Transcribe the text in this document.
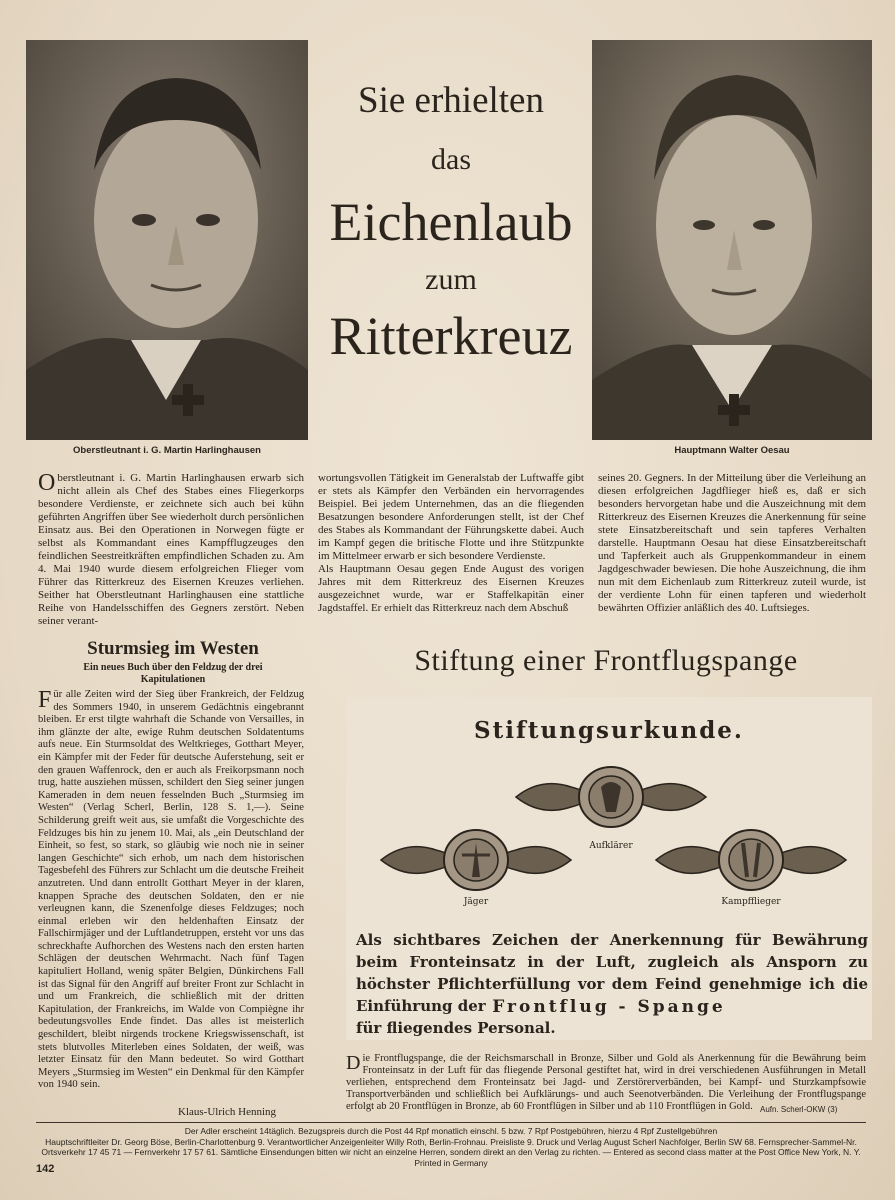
Oberstleutnant i. G. Martin Harlinghausen	Hauptmann Walter Oesau
Sie erhielten
das
Eichenlaub
zum
Ritterkreuz

Oberstleutnant i. G. Martin Harlinghausen erwarb sich nicht allein als Chef des Stabes eines Fliegerkorps besondere Verdienste, er zeichnete sich auch bei kühn geführten Angriffen über See wiederholt durch persönlichen Einsatz aus. Bei den Operationen in Norwegen fügte er selbst als Kommandant eines Kampfflugzeuges den feindlichen Seestreitkräften empfindlichen Schaden zu. Am 4. Mai 1940 wurde diesem erfolgreichen Flieger vom Führer das Ritterkreuz des Eisernen Kreuzes verliehen. Seither hat Oberstleutnant Harlinghausen eine stattliche Reihe von Handelsschiffen des Gegners zerstört. Neben seiner verant-

wortungsvollen Tätigkeit im Generalstab der Luftwaffe gibt er stets als Kämpfer den Verbänden ein hervorragendes Beispiel. Bei jedem Unternehmen, das an die fliegenden Besatzungen besondere Anforderungen stellt, ist der Chef des Stabes als Kommandant der Führungskette dabei. Auch im Kampf gegen die britische Flotte und ihre Stützpunkte im Mittelmeer erwarb er sich besondere Verdienste.

Als Hauptmann Oesau gegen Ende August des vorigen Jahres mit dem Ritterkreuz des Eisernen Kreuzes ausgezeichnet wurde, war er Staffelkapitän einer Jagdstaffel. Er erhielt das Ritterkreuz nach dem Abschuß

seines 20. Gegners. In der Mitteilung über die Verleihung an diesen erfolgreichen Jagdflieger hieß es, daß er sich besonders hervorgetan habe und die Auszeichnung mit dem Ritterkreuz des Eisernen Kreuzes die Anerkennung für seine stete Einsatzbereitschaft und sein tapferes Verhalten darstelle. Hauptmann Oesau hat diese Einsatzbereitschaft und Tapferkeit auch als Gruppenkommandeur in einem Jagdgeschwader bewiesen. Die hohe Auszeichnung, die ihm nun mit dem Eichenlaub zum Ritterkreuz zuteil wurde, ist der verdiente Lohn für einen tapferen und wiederholt bewährten Offizier anläßlich des 40. Luftsieges.

Sturmsieg im Westen
Ein neues Buch über den Feldzug der drei Kapitulationen

Für alle Zeiten wird der Sieg über Frankreich, der Feldzug des Sommers 1940, in unserem Gedächtnis eingebrannt bleiben. Er erst tilgte wahrhaft die Schande von Versailles, in ihm glänzte der alte, ewige Ruhm deutschen Soldatentums aufs neue. Ein Sturmsoldat des Weltkrieges, Gotthart Meyer, ein Kämpfer mit der Feder für deutsche Auferstehung, seit er den grauen Waffenrock, den er auch als Freikorpsmann noch trug, hatte ausziehen müssen, schildert den Sieg seiner jungen Kameraden in dem neuen fesselnden Buch „Sturmsieg im Westen“ (Verlag Scherl, Berlin, 128 S. 1,—). Seine Schilderung greift weit aus, sie umfaßt die Vorgeschichte des Feldzuges bis hin zu jenem 10. Mai, als „ein Deutschland der Einheit, so fest, so stark, so gläubig wie noch nie in seiner langen Geschichte“ sich erhob, um nach dem historischen Tagesbefehl des Führers zur Schlacht um die deutsche Freiheit anzutreten. Und dann entrollt Gotthart Meyer in der klaren, knappen Sprache des deutschen Soldaten, den er nie verleugnen kann, die Szenenfolge dieses Feldzuges; noch einmal erleben wir den heldenhaften Einsatz der Fallschirmjäger und der Luftlandetruppen, ersteht vor uns das schreckhafte Aufhorchen des Westens nach den ersten harten Schlägen der deutschen Wehrmacht. Nach fünf Tagen kapituliert Holland, wenig später Belgien, Dünkirchens Fall ist das Signal für den Angriff auf breiter Front zur Schlacht in und um Frankreich, die schließlich mit der dritten Kapitulation, der Frankreichs, im Walde von Compiègne ihr bedeutungsvolles Ende findet. Das alles ist meisterlich geschildert, bleibt nirgends trockene Kriegswissenschaft, ist stets blutvolles Miterleben eines Soldaten, der weiß, was letzter Einsatz für den Mann bedeutet. So wird Gotthart Meyers „Sturmsieg im Westen“ ein Denkmal für den Kämpfer von 1940 sein.

Klaus-Ulrich Henning
Stiftung einer Frontflugspange
Stiftungsurkunde.
Aufklärer
Jäger	Kampfflieger
Als sichtbares Zeichen der Anerkennung für Bewährung beim Fronteinsatz in der Luft, zugleich als Ansporn zu höchster Pflichterfüllung vor dem Feind genehmige ich die Einführung der Frontflug - Spange
für fliegendes Personal.
Die Frontflugspange, die der Reichsmarschall in Bronze, Silber und Gold als Anerkennung für die Bewährung beim Fronteinsatz in der Luft für das fliegende Personal gestiftet hat, wird in drei verschiedenen Ausführungen in Metall verliehen, entsprechend dem Fronteinsatz bei Jagd- und Zerstörerverbänden, bei Kampf- und Sturzkampfsowie Transportverbänden und schließlich bei Aufklärungs- und auch Seenotverbänden. Die Verleihung der Frontflugspange erfolgt ab 20 Frontflügen in Bronze, ab 60 Frontflügen in Silber und ab 110 Frontflügen in Gold. Aufn. Scherl-OKW (3)
Der Adler erscheint 14täglich. Bezugspreis durch die Post 44 Rpf monatlich einschl. 5 bzw. 7 Rpf Postgebühren, hierzu 4 Rpf Zustellgebühren
Hauptschriftleiter Dr. Georg Böse, Berlin-Charlottenburg 9. Verantwortlicher Anzeigenleiter Willy Roth, Berlin-Frohnau. Preisliste 9. Druck und Verlag August Scherl Nachfolger, Berlin SW 68. Fernsprecher-Sammel-Nr. Ortsverkehr 17 45 71 — Fernverkehr 17 57 61. Sämtliche Einsendungen bitten wir nicht an einzelne Herren, sondern direkt an den Verlag zu richten. — Entered as second class matter at the Post Office New York, N. Y. Printed in Germany
142
